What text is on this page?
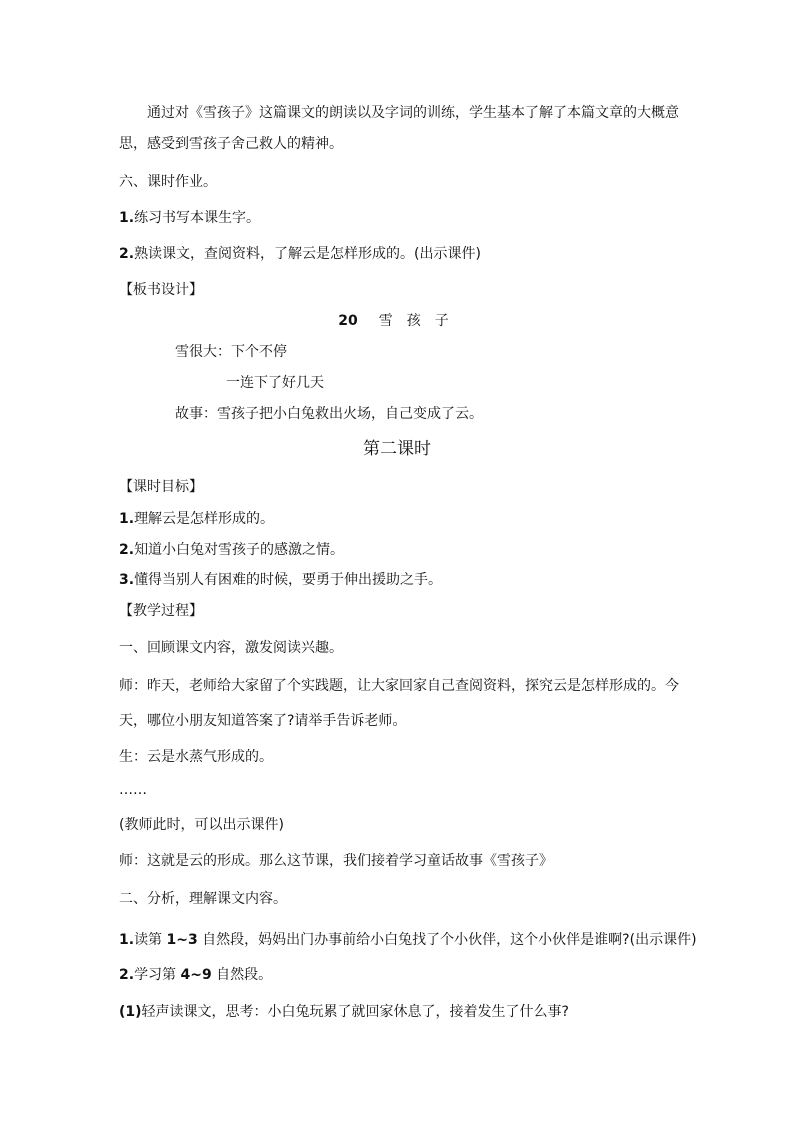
通过对《雪孩子》这篇课文的朗读以及字词的训练，学生基本了解了本篇文章的大概意
思，感受到雪孩子舍己救人的精神。
六、课时作业。
1.练习书写本课生字。
2.熟读课文，查阅资料，了解云是怎样形成的。(出示课件)
【板书设计】
20 雪 孩 子
雪很大：下个不停
一连下了好几天
故事：雪孩子把小白兔救出火场，自己变成了云。
第二课时
【课时目标】
1.理解云是怎样形成的。
2.知道小白兔对雪孩子的感激之情。
3.懂得当别人有困难的时候，要勇于伸出援助之手。
【教学过程】
一、回顾课文内容，激发阅读兴趣。
师：昨天，老师给大家留了个实践题，让大家回家自己查阅资料，探究云是怎样形成的。今
天，哪位小朋友知道答案了?请举手告诉老师。
生：云是水蒸气形成的。
……
(教师此时，可以出示课件)
师：这就是云的形成。那么这节课，我们接着学习童话故事《雪孩子》
二、分析，理解课文内容。
1.读第 1~3 自然段，妈妈出门办事前给小白兔找了个小伙伴，这个小伙伴是谁啊?(出示课件)
2.学习第 4~9 自然段。
(1)轻声读课文，思考：小白兔玩累了就回家休息了，接着发生了什么事?
